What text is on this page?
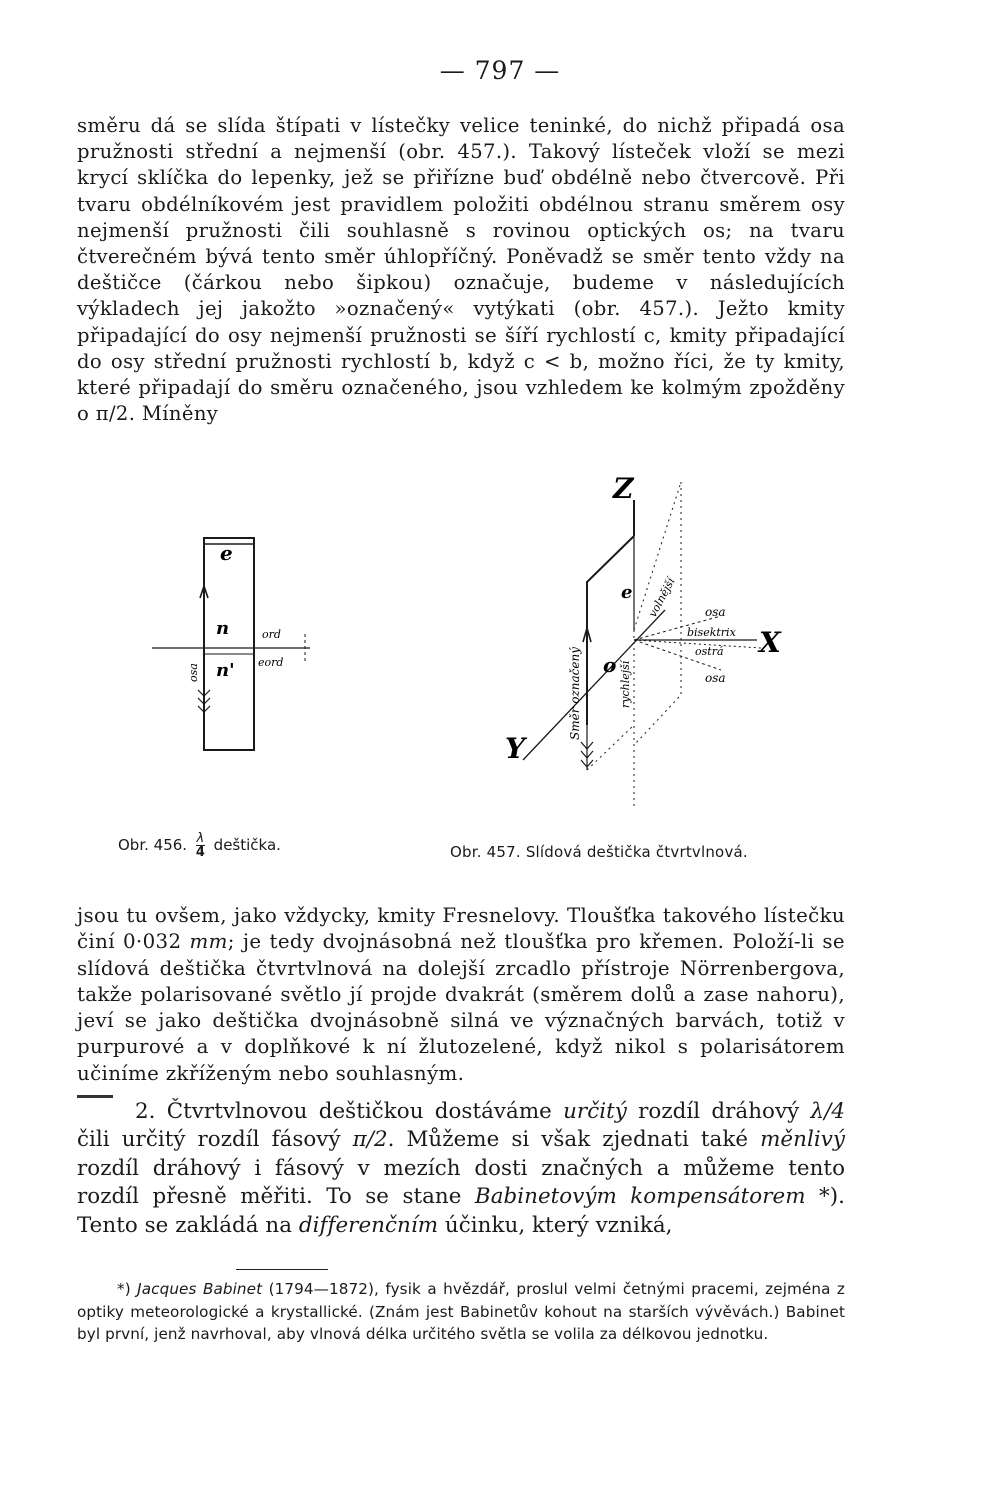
— 797 —

směru dá se slída štípati v lístečky velice teninké, do nichž připadá osa pružnosti střední a nejmenší (obr. 457.). Takový lísteček vloží se mezi krycí sklíčka do lepenky, jež se přiřízne buď obdélně nebo čtvercově. Při tvaru obdélníkovém jest pravidlem položiti obdélnou stranu směrem osy nejmenší pružnosti čili souhlasně s rovinou optických os; na tvaru čtverečném bývá tento směr úhlopříčný. Poněvadž se směr tento vždy na deštičce (čárkou nebo šipkou) označuje, budeme v následujících výkladech jej jakožto »označený« vytýkati (obr. 457.). Ježto kmity připadající do osy nejmenší pružnosti se šíří rychlostí c, kmity připadající do osy střední pružnosti rychlostí b, když c < b, možno říci, že ty kmity, které připadají do směru označeného, jsou vzhledem ke kolmým zpožděny o π/2. Míněny

e
n
n'
ord
eord
osa
Obr. 456. $\frac{\lambda}{4}$ deštička.
Z
X
Y
e
o
osa
osa
bisektrix
ostrá
volnější
rychlejší
Směr označený
Obr. 457. Slídová deštička čtvrtvlnová.

jsou tu ovšem, jako vždycky, kmity Fresnelovy. Tloušťka takového lístečku činí 0·032 mm; je tedy dvojnásobná než tloušťka pro křemen. Položí-li se slídová deštička čtvrtvlnová na dolejší zrcadlo přístroje Nörrenbergova, takže polarisované světlo jí projde dvakrát (směrem dolů a zase nahoru), jeví se jako deštička dvojnásobně silná ve význačných barvách, totiž v purpurové a v doplňkové k ní žlutozelené, když nikol s polarisátorem učiníme zkříženým nebo souhlasným.

2. Čtvrtvlnovou deštičkou dostáváme určitý rozdíl dráhový λ/4 čili určitý rozdíl fásový π/2. Můžeme si však zjednati také měnlivý rozdíl dráhový i fásový v mezích dosti značných a můžeme tento rozdíl přesně měřiti. To se stane Babinetovým kompensátorem *). Tento se zakládá na differenčním účinku, který vzniká,

*) Jacques Babinet (1794—1872), fysik a hvězdář, proslul velmi četnými pracemi, zejména z optiky meteorologické a krystallické. (Znám jest Babinetův kohout na starších vývěvách.) Babinet byl první, jenž navrhoval, aby vlnová délka určitého světla se volila za délkovou jednotku.
